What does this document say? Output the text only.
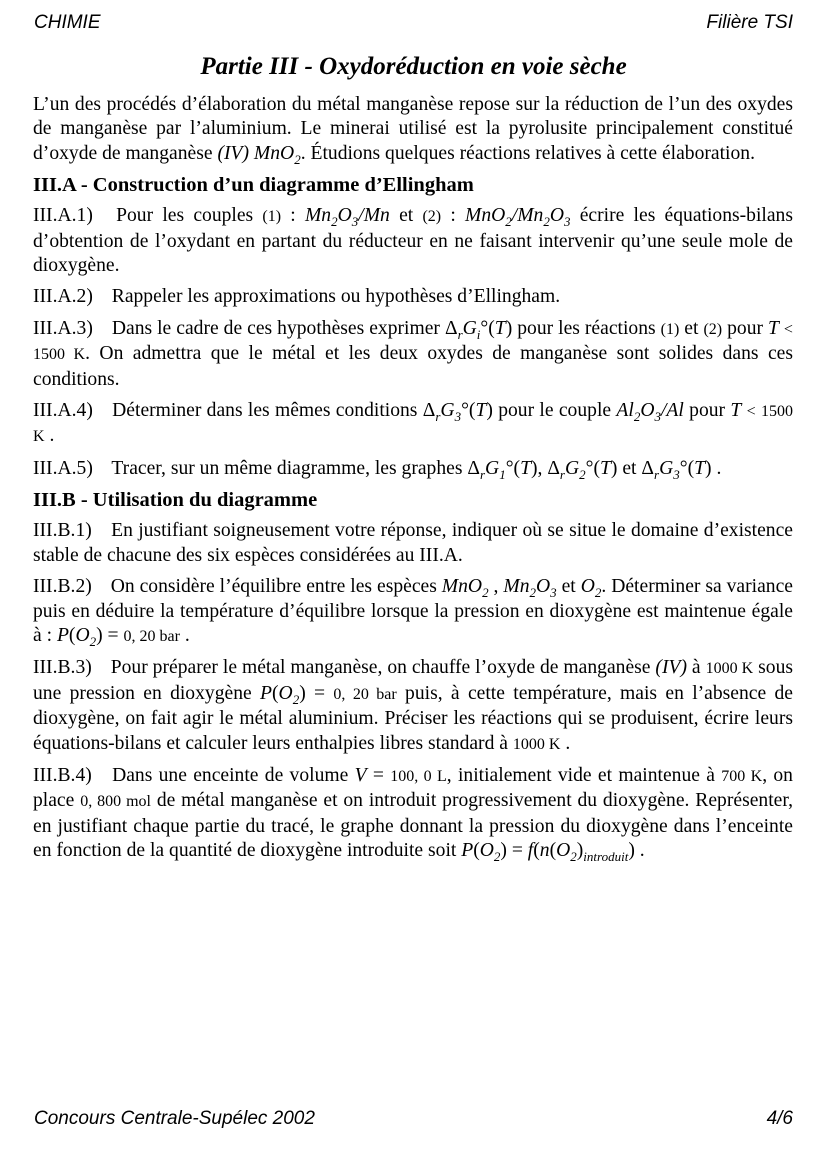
CHIMIE	Filière TSI
Partie III - Oxydoréduction en voie sèche

L’un des procédés d’élaboration du métal manganèse repose sur la réduction de l’un des oxydes de manganèse par l’aluminium. Le minerai utilisé est la pyrolusite principalement constitué d’oxyde de manganèse (IV) MnO$_2$. Étudions quelques réactions relatives à cette élaboration.

III.A - Construction d’un diagramme d’Ellingham

III.A.1) Pour les couples (1) : $Mn_2O_3/Mn$ et (2) : $MnO_2/Mn_2O_3$ écrire les équations-bilans d’obtention de l’oxydant en partant du réducteur en ne faisant intervenir qu’une seule mole de dioxygène.

III.A.2) Rappeler les approximations ou hypothèses d’Ellingham.

III.A.3) Dans le cadre de ces hypothèses exprimer $\Delta_rG_i^\circ(T)$ pour les réactions (1) et (2) pour T < 1500 K. On admettra que le métal et les deux oxydes de manganèse sont solides dans ces conditions.

III.A.4) Déterminer dans les mêmes conditions $\Delta_rG_3^\circ(T)$ pour le couple $Al_2O_3/Al$ pour T < 1500 K .

III.A.5) Tracer, sur un même diagramme, les graphes $\Delta_rG_1^\circ(T)$, $\Delta_rG_2^\circ(T)$ et $\Delta_rG_3^\circ(T)$ .

III.B - Utilisation du diagramme

III.B.1) En justifiant soigneusement votre réponse, indiquer où se situe le domaine d’existence stable de chacune des six espèces considérées au III.A.

III.B.2) On considère l’équilibre entre les espèces MnO$_2$ , $Mn_2O_3$ et $O_2$. Déterminer sa variance puis en déduire la température d’équilibre lorsque la pression en dioxygène est maintenue égale à : $P(O_2) = 0$, 20 bar .

III.B.3) Pour préparer le métal manganèse, on chauffe l’oxyde de manganèse (IV) à 1000 K sous une pression en dioxygène $P(O_2) = 0$, 20 bar puis, à cette température, mais en l’absence de dioxygène, on fait agir le métal aluminium. Préciser les réactions qui se produisent, écrire leurs équations-bilans et calculer leurs enthalpies libres standard à 1000 K .

III.B.4) Dans une enceinte de volume V = 100, 0 L, initialement vide et maintenue à 700 K, on place 0, 800 mol de métal manganèse et on introduit progressivement du dioxygène. Représenter, en justifiant chaque partie du tracé, le graphe donnant la pression du dioxygène dans l’enceinte en fonction de la quantité de dioxygène introduite soit $P(O_2) = f(n(O_2)_{introduit})$ .

Concours Centrale-Supélec 2002	4/6
